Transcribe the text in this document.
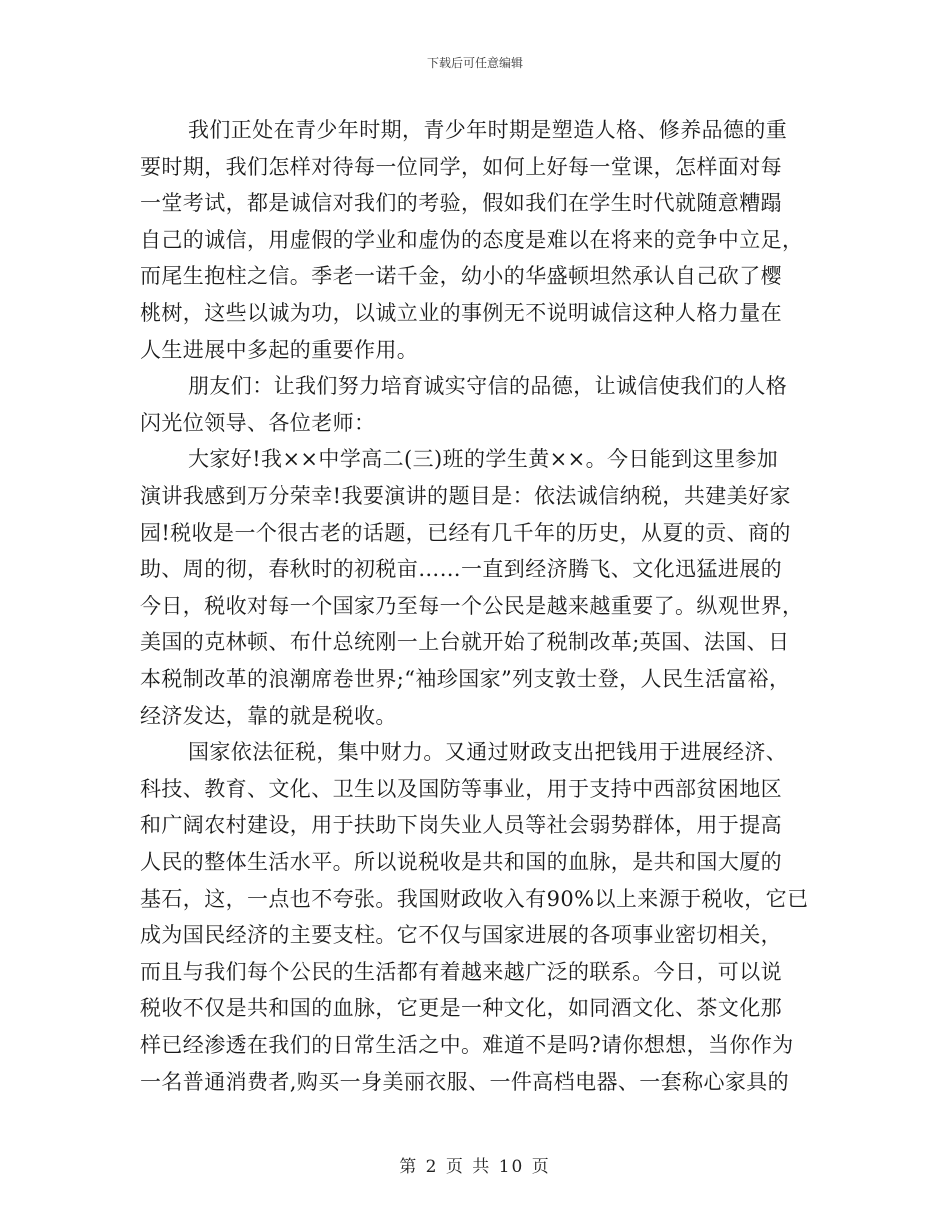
下载后可任意编辑
我们正处在青少年时期，青少年时期是塑造人格、修养品德的重
要时期，我们怎样对待每一位同学，如何上好每一堂课，怎样面对每
一堂考试，都是诚信对我们的考验，假如我们在学生时代就随意糟蹋
自己的诚信，用虚假的学业和虚伪的态度是难以在将来的竞争中立足，
而尾生抱柱之信。季老一诺千金，幼小的华盛顿坦然承认自己砍了樱
桃树，这些以诚为功，以诚立业的事例无不说明诚信这种人格力量在
人生进展中多起的重要作用。
朋友们：让我们努力培育诚实守信的品德，让诚信使我们的人格
闪光位领导、各位老师：
大家好!我××中学高二(三)班的学生黄××。今日能到这里参加
演讲我感到万分荣幸!我要演讲的题目是：依法诚信纳税，共建美好家
园!税收是一个很古老的话题，已经有几千年的历史，从夏的贡、商的
助、周的彻，春秋时的初税亩……一直到经济腾飞、文化迅猛进展的
今日，税收对每一个国家乃至每一个公民是越来越重要了。纵观世界，
美国的克林顿、布什总统刚一上台就开始了税制改革;英国、法国、日
本税制改革的浪潮席卷世界;“袖珍国家”列支敦士登，人民生活富裕，
经济发达，靠的就是税收。
国家依法征税，集中财力。又通过财政支出把钱用于进展经济、
科技、教育、文化、卫生以及国防等事业，用于支持中西部贫困地区
和广阔农村建设，用于扶助下岗失业人员等社会弱势群体，用于提高
人民的整体生活水平。所以说税收是共和国的血脉，是共和国大厦的
基石，这，一点也不夸张。我国财政收入有90%以上来源于税收，它已
成为国民经济的主要支柱。它不仅与国家进展的各项事业密切相关，
而且与我们每个公民的生活都有着越来越广泛的联系。今日，可以说
税收不仅是共和国的血脉，它更是一种文化，如同酒文化、茶文化那
样已经渗透在我们的日常生活之中。难道不是吗?请你想想，当你作为
一名普通消费者,购买一身美丽衣服、一件高档电器、一套称心家具的
第 2 页 共 10 页
